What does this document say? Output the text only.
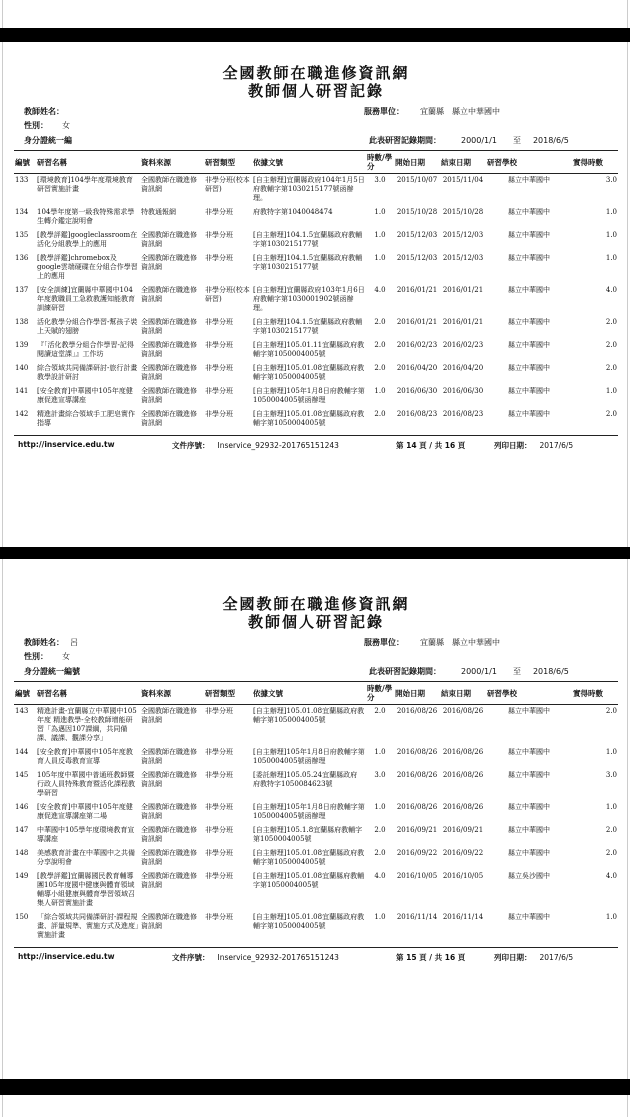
全國教師在職進修資訊網
教師個人研習記錄
教師姓名：
性別： 女
身分證統一編
服務單位： 宜蘭縣 縣立中華國中
此表研習記錄期間：	2000/1/1 至 2018/6/5
編號	研習名稱	資料來源	研習類型	依據文號	時數/學分	開始日期	結束日期	研習學校	實得時數
133	[環境教育]104學年度環境教育研習實施計畫	全國教師在職進修資訊網	非學分班(校本研習)	[自主辦理]宜蘭縣政府104年1月5日府教輔字第1030215177號函辦理。	3.0	2015/10/07	2015/11/04	縣立中華國中	3.0
134	104學年度第一級我特殊需求學生轉介鑑定說明會	特教通報網	非學分班	府教特字第1040048474	1.0	2015/10/28	2015/10/28	縣立中華國中	1.0
135	[教學評鑑]googleclassroom在活化分組教學上的應用	全國教師在職進修資訊網	非學分班	[自主辦理]104.1.5宜蘭縣政府教輔字第1030215177號	1.0	2015/12/03	2015/12/03	縣立中華國中	1.0
136	[教學評鑑]chromebox及google雲端硬碟在分組合作學習上的應用	全國教師在職進修資訊網	非學分班	[自主辦理]104.1.5宜蘭縣政府教輔字第1030215177號	1.0	2015/12/03	2015/12/03	縣立中華國中	1.0
137	[安全訓練]宜蘭縣中華國中104年度教職員工急救教護知能教育訓練研習	全國教師在職進修資訊網	非學分班(校本研習)	[自主辦理]宜蘭縣政府103年1月6日府教輔字第1030001902號函辦理。	4.0	2016/01/21	2016/01/21	縣立中華國中	4.0
138	活化教學分組合作學習-幫孩子裝上天賦的翅膀	全國教師在職進修資訊網	非學分班	[自主辦理]104.1.5宜蘭縣政府教輔字第1030215177號	2.0	2016/01/21	2016/01/21	縣立中華國中	2.0
139	『「活化教學分組合作學習-記得閱讀這堂課」』工作坊	全國教師在職進修資訊網	非學分班	[自主辦理]105.01.11宜蘭縣政府教輔字第1050004005號	2.0	2016/02/23	2016/02/23	縣立中華國中	2.0
140	綜合領域共同備課研討-旅行計畫教學設計研討	全國教師在職進修資訊網	非學分班	[自主辦理]105.01.08宜蘭縣政府教輔字第1050004005號	2.0	2016/04/20	2016/04/20	縣立中華國中	2.0
141	[安全教育]中華國中105年度健康促進宣導講座	全國教師在職進修資訊網	非學分班	[自主辦理]105年1月8日府教輔字第1050004005號函辦理	1.0	2016/06/30	2016/06/30	縣立中華國中	1.0
142	精進計畫綜合領域手工肥皂實作指導	全國教師在職進修資訊網	非學分班	[自主辦理]105.01.08宜蘭縣政府教輔字第1050004005號	2.0	2016/08/23	2016/08/23	縣立中華國中	2.0
http://inservice.edu.tw	文件序號： Inservice_92932-201765151243	第 14 頁 / 共 16 頁	列印日期： 2017/6/5
全國教師在職進修資訊網
教師個人研習記錄
教師姓名： 呂
性別： 女
身分證統一編號
服務單位： 宜蘭縣 縣立中華國中
此表研習記錄期間：	2000/1/1 至 2018/6/5
編號	研習名稱	資料來源	研習類型	依據文號	時數/學分	開始日期	結束日期	研習學校	實得時數
143	精進計畫-宜蘭縣立中華國中105年度 精進教學-全校教師增能研習「為邁因107課綱，共同備課、議課、觀課分享」	全國教師在職進修資訊網	非學分班	[自主辦理]105.01.08宜蘭縣政府教輔字第1050004005號	2.0	2016/08/26	2016/08/26	縣立中華國中	2.0
144	[安全教育]中華國中105年度教育人員反毒教育宣導	全國教師在職進修資訊網	非學分班	[自主辦理]105年1月8日府教輔字第1050004005號函辦理	1.0	2016/08/26	2016/08/26	縣立中華國中	1.0
145	105年度中華國中普通班教師暨行政人員特殊教育暨活化課程教學研習	全國教師在職進修資訊網	非學分班	[委託辦理]105.05.24宜蘭縣政府 府教特字1050084623號	3.0	2016/08/26	2016/08/26	縣立中華國中	3.0
146	[安全教育]中華國中105年度健康促進宣導講座第二場	全國教師在職進修資訊網	非學分班	[自主辦理]105年1月8日府教輔字第1050004005號函辦理	1.0	2016/08/26	2016/08/26	縣立中華國中	1.0
147	中華國中105學年度環境教育宣導講座	全國教師在職進修資訊網	非學分班	[自主辦理]105.1.8宜蘭縣府教輔字第1050004005號	2.0	2016/09/21	2016/09/21	縣立中華國中	2.0
148	美感教育計畫在中華國中之共備分享說明會	全國教師在職進修資訊網	非學分班	[自主辦理]105.01.08宜蘭縣政府教輔字第1050004005號	2.0	2016/09/22	2016/09/22	縣立中華國中	2.0
149	[教學評鑑]宜蘭縣國民教育輔導團105年度國中健康與體育領域輔導小組健康與體育學習領域召集人研習實施計畫	全國教師在職進修資訊網	非學分班	[自主辦理]105.01.08宜蘭縣府教輔字第1050004005號	4.0	2016/10/05	2016/10/05	縣立吳沙國中	4.0
150	「綜合領域共同備課研討-課程規畫、評量規準、實施方式及進度」實施計畫	全國教師在職進修資訊網	非學分班	[自主辦理]105.01.08宜蘭縣政府教輔字第1050004005號	1.0	2016/11/14	2016/11/14	縣立中華國中	1.0
http://inservice.edu.tw	文件序號： Inservice_92932-201765151243	第 15 頁 / 共 16 頁	列印日期： 2017/6/5
